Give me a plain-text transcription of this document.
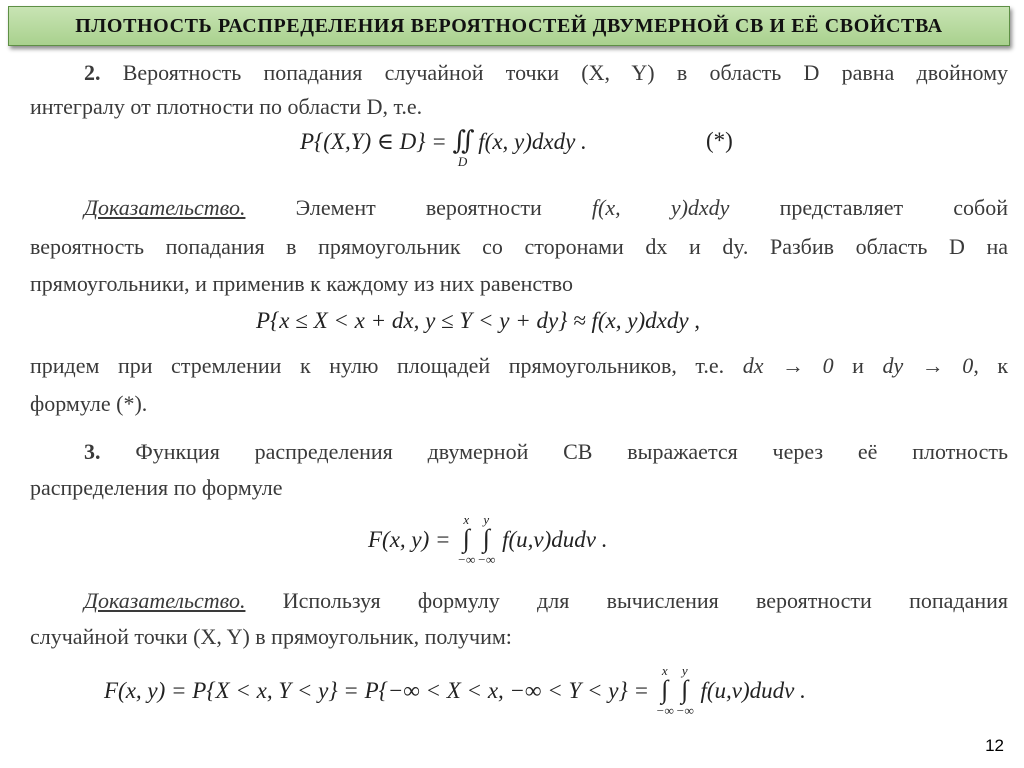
ПЛОТНОСТЬ РАСПРЕДЕЛЕНИЯ ВЕРОЯТНОСТЕЙ ДВУМЕРНОЙ СВ И ЕЁ СВОЙСТВА

2. Вероятность попадания случайной точки (X, Y) в область D равна двойному

интегралу от плотности по области D, т.е.

P{(X,Y) ∈ D} = ∬
D
f(x, y)dxdy .	(*)

Доказательство. Элемент вероятности f(x, y)dxdy представляет собой

вероятность попадания в прямоугольник со сторонами dx и dy. Разбив область D на

прямоугольники, и применив к каждому из них равенство

P{x ≤ X < x + dx, y ≤ Y < y + dy} ≈ f(x, y)dxdy ,

придем при стремлении к нулю площадей прямоугольников, т.е. dx → 0 и dy → 0, к

формуле (*).

3. Функция распределения двумерной СВ выражается через её плотность

распределения по формуле

F(x, y) = ∫
x
−∞
∫
y
−∞
f(u,v)dudv .

Доказательство. Используя формулу для вычисления вероятности попадания

случайной точки (X, Y) в прямоугольник, получим:

F(x, y) = P{X < x, Y < y} = P{−∞ < X < x, −∞ < Y < y} = ∫
x
−∞
∫
y
−∞
f(u,v)dudv .
12
